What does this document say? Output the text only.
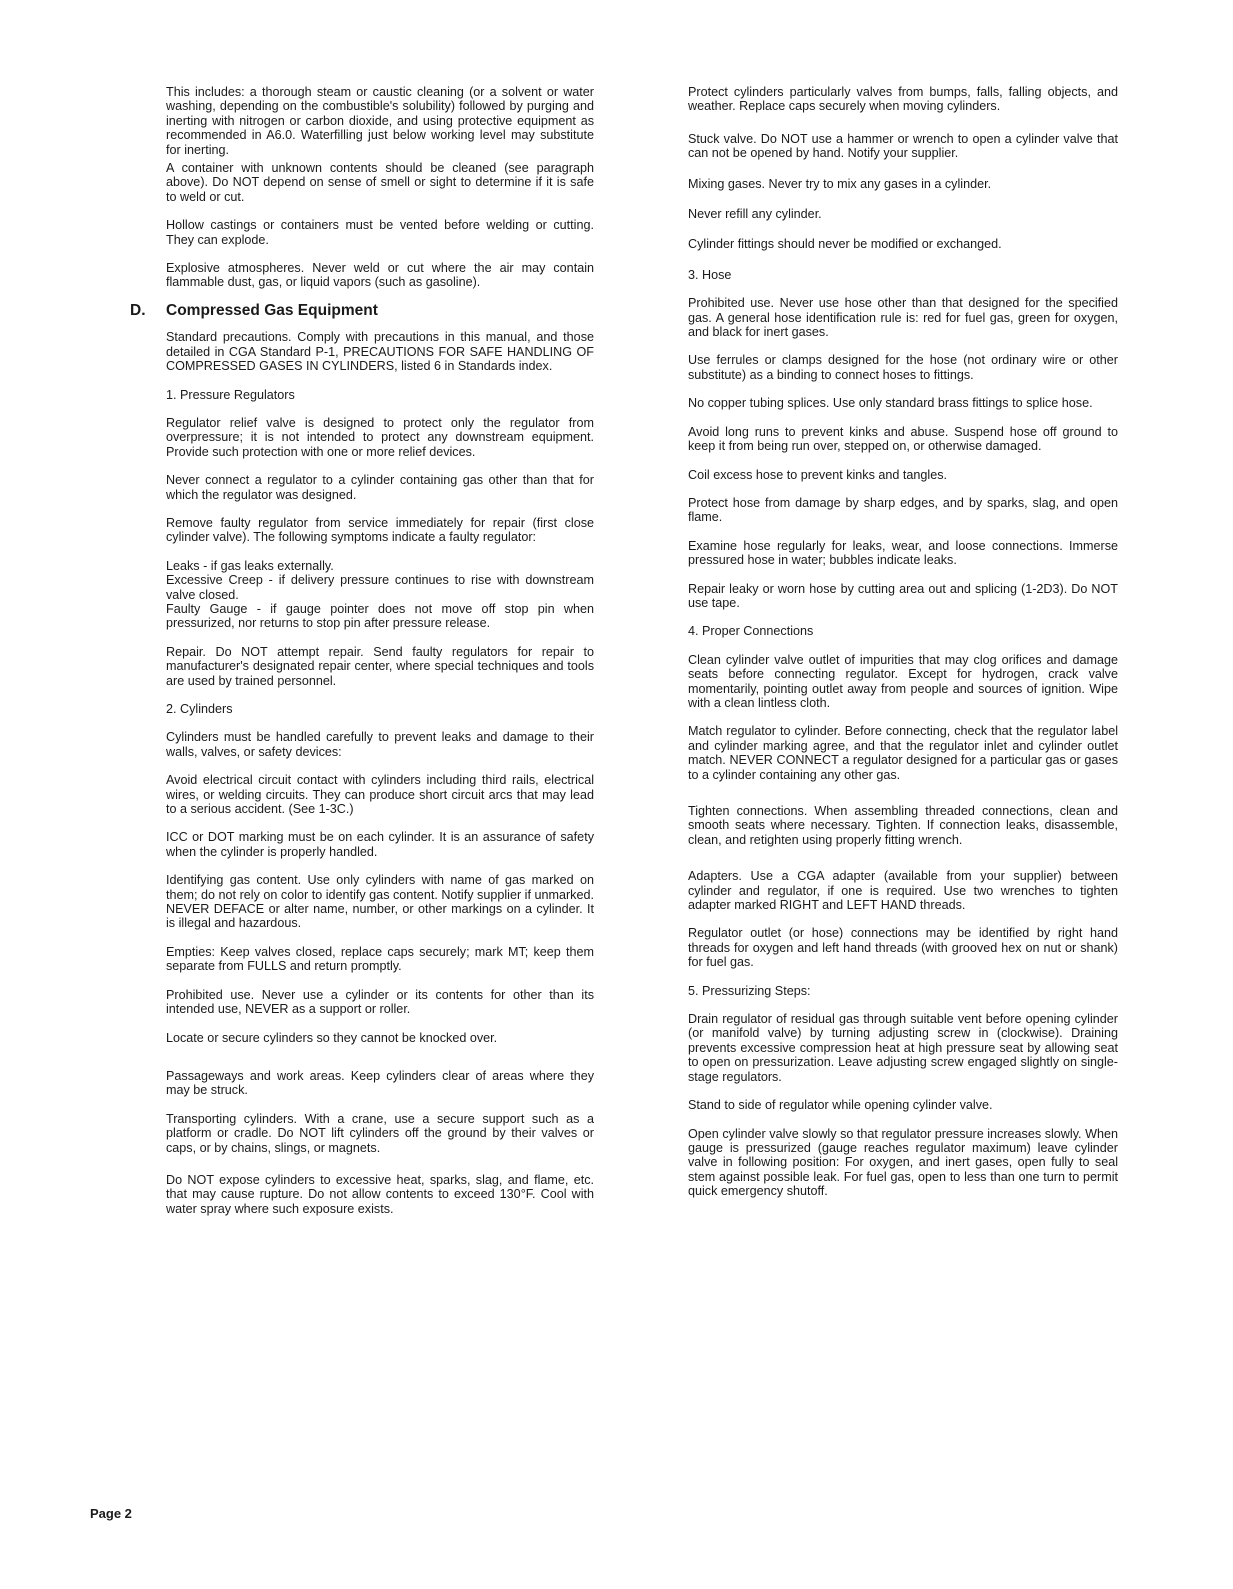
This includes: a thorough steam or caustic cleaning (or a solvent or water washing, depending on the combustible's solubility) followed by purging and inerting with nitrogen or carbon dioxide, and using protective equipment as recommended in A6.0. Waterfilling just below working level may substitute for inerting.

A container with unknown contents should be cleaned (see paragraph above). Do NOT depend on sense of smell or sight to determine if it is safe to weld or cut.

Hollow castings or containers must be vented before welding or cutting. They can explode.

Explosive atmospheres. Never weld or cut where the air may contain flammable dust, gas, or liquid vapors (such as gasoline).

D. Compressed Gas Equipment

Standard precautions. Comply with precautions in this manual, and those detailed in CGA Standard P-1, PRECAUTIONS FOR SAFE HANDLING OF COMPRESSED GASES IN CYLINDERS, listed 6 in Standards index.

1. Pressure Regulators

Regulator relief valve is designed to protect only the regulator from overpressure; it is not intended to protect any downstream equipment. Provide such protection with one or more relief devices.

Never connect a regulator to a cylinder containing gas other than that for which the regulator was designed.

Remove faulty regulator from service immediately for repair (first close cylinder valve). The following symptoms indicate a faulty regulator:

Leaks - if gas leaks externally.

Excessive Creep - if delivery pressure continues to rise with downstream valve closed.

Faulty Gauge - if gauge pointer does not move off stop pin when pressurized, nor returns to stop pin after pressure release.

Repair. Do NOT attempt repair. Send faulty regulators for repair to manufacturer's designated repair center, where special techniques and tools are used by trained personnel.

2. Cylinders

Cylinders must be handled carefully to prevent leaks and damage to their walls, valves, or safety devices:

Avoid electrical circuit contact with cylinders including third rails, electrical wires, or welding circuits. They can produce short circuit arcs that may lead to a serious accident. (See 1-3C.)

ICC or DOT marking must be on each cylinder. It is an assurance of safety when the cylinder is properly handled.

Identifying gas content. Use only cylinders with name of gas marked on them; do not rely on color to identify gas content. Notify supplier if unmarked. NEVER DEFACE or alter name, number, or other markings on a cylinder. It is illegal and hazardous.

Empties: Keep valves closed, replace caps securely; mark MT; keep them separate from FULLS and return promptly.

Prohibited use. Never use a cylinder or its contents for other than its intended use, NEVER as a support or roller.

Locate or secure cylinders so they cannot be knocked over.

Passageways and work areas. Keep cylinders clear of areas where they may be struck.

Transporting cylinders. With a crane, use a secure support such as a platform or cradle. Do NOT lift cylinders off the ground by their valves or caps, or by chains, slings, or magnets.

Do NOT expose cylinders to excessive heat, sparks, slag, and flame, etc. that may cause rupture. Do not allow contents to exceed 130°F. Cool with water spray where such exposure exists.

Protect cylinders particularly valves from bumps, falls, falling objects, and weather. Replace caps securely when moving cylinders.

Stuck valve. Do NOT use a hammer or wrench to open a cylinder valve that can not be opened by hand. Notify your supplier.

Mixing gases. Never try to mix any gases in a cylinder.

Never refill any cylinder.

Cylinder fittings should never be modified or exchanged.

3. Hose

Prohibited use. Never use hose other than that designed for the specified gas. A general hose identification rule is: red for fuel gas, green for oxygen, and black for inert gases.

Use ferrules or clamps designed for the hose (not ordinary wire or other substitute) as a binding to connect hoses to fittings.

No copper tubing splices. Use only standard brass fittings to splice hose.

Avoid long runs to prevent kinks and abuse. Suspend hose off ground to keep it from being run over, stepped on, or otherwise damaged.

Coil excess hose to prevent kinks and tangles.

Protect hose from damage by sharp edges, and by sparks, slag, and open flame.

Examine hose regularly for leaks, wear, and loose connections. Immerse pressured hose in water; bubbles indicate leaks.

Repair leaky or worn hose by cutting area out and splicing (1-2D3). Do NOT use tape.

4. Proper Connections

Clean cylinder valve outlet of impurities that may clog orifices and damage seats before connecting regulator. Except for hydrogen, crack valve momentarily, pointing outlet away from people and sources of ignition. Wipe with a clean lintless cloth.

Match regulator to cylinder. Before connecting, check that the regulator label and cylinder marking agree, and that the regulator inlet and cylinder outlet match. NEVER CONNECT a regulator designed for a particular gas or gases to a cylinder containing any other gas.

Tighten connections. When assembling threaded connections, clean and smooth seats where necessary. Tighten. If connection leaks, disassemble, clean, and retighten using properly fitting wrench.

Adapters. Use a CGA adapter (available from your supplier) between cylinder and regulator, if one is required. Use two wrenches to tighten adapter marked RIGHT and LEFT HAND threads.

Regulator outlet (or hose) connections may be identified by right hand threads for oxygen and left hand threads (with grooved hex on nut or shank) for fuel gas.

5. Pressurizing Steps:

Drain regulator of residual gas through suitable vent before opening cylinder (or manifold valve) by turning adjusting screw in (clockwise). Draining prevents excessive compression heat at high pressure seat by allowing seat to open on pressurization. Leave adjusting screw engaged slightly on single-stage regulators.

Stand to side of regulator while opening cylinder valve.

Open cylinder valve slowly so that regulator pressure increases slowly. When gauge is pressurized (gauge reaches regulator maximum) leave cylinder valve in following position: For oxygen, and inert gases, open fully to seal stem against possible leak. For fuel gas, open to less than one turn to permit quick emergency shutoff.

Page 2
